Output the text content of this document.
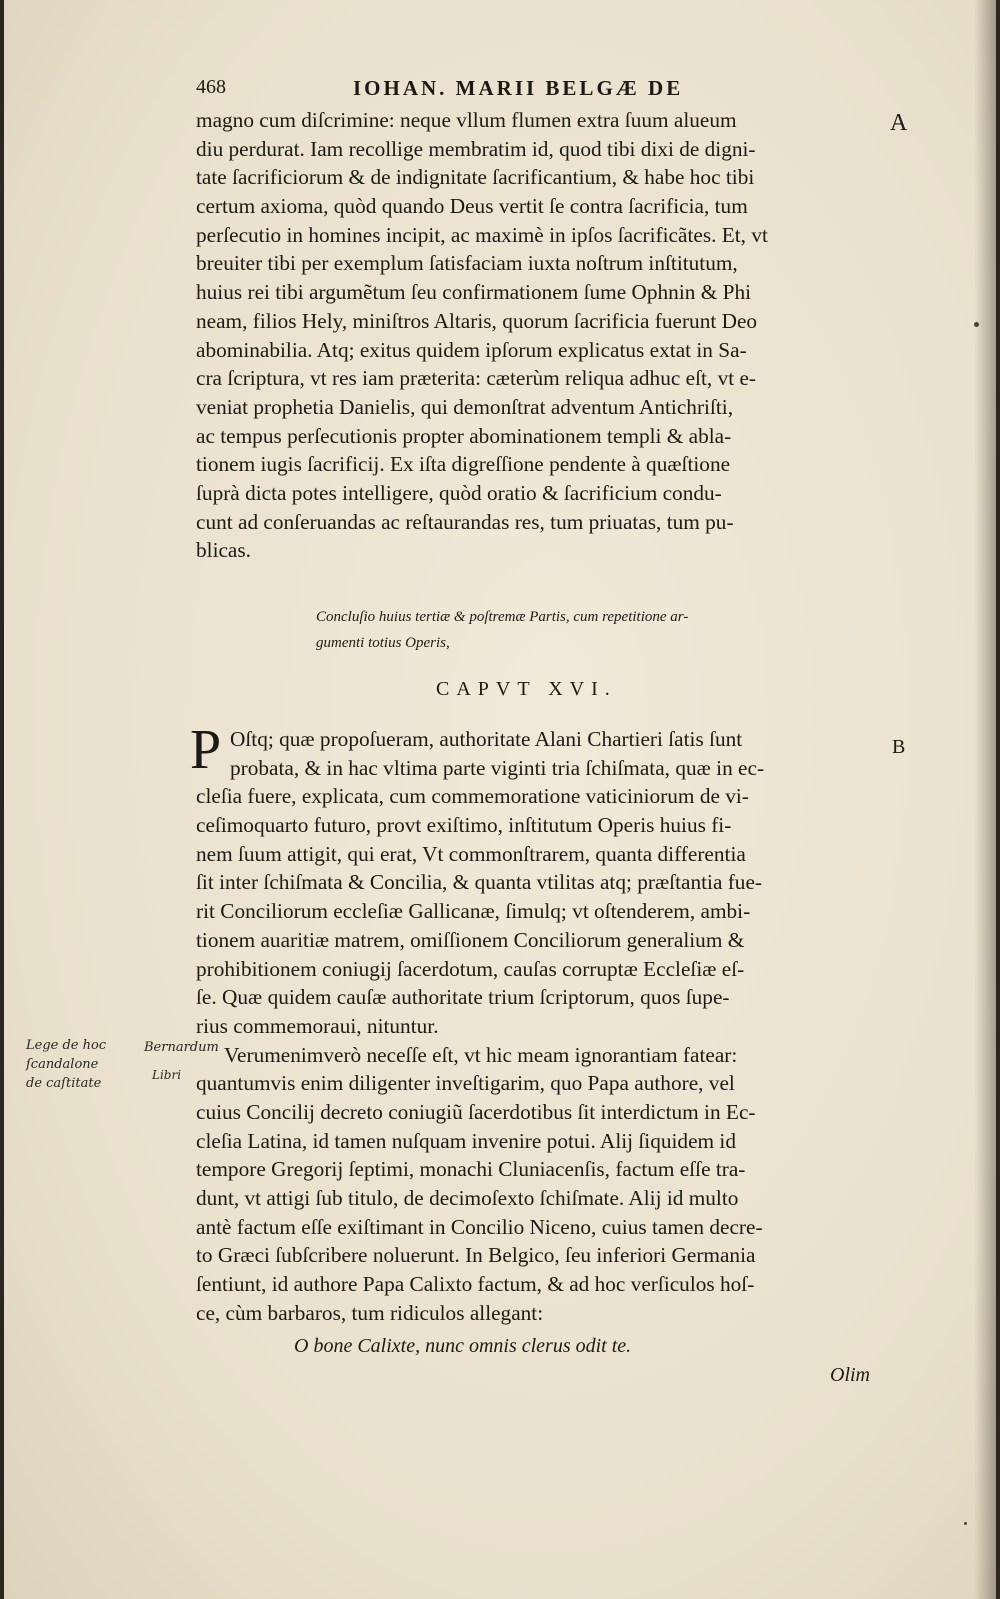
468	IOHAN. MARII BELGÆ DE
A
B
magno cum diſcrimine: neque vllum flumen extra ſuum alueum
diu perdurat. Iam recollige membratim id, quod tibi dixi de digni-
tate ſacrificiorum & de indignitate ſacrificantium, & habe hoc tibi
certum axioma, quòd quando Deus vertit ſe contra ſacrificia, tum
perſecutio in homines incipit, ac maximè in ipſos ſacrificãtes. Et, vt
breuiter tibi per exemplum ſatisfaciam iuxta noſtrum inſtitutum,
huius rei tibi argumẽtum ſeu confirmationem ſume Ophnin & Phi
neam, filios Hely, miniſtros Altaris, quorum ſacrificia fuerunt Deo
abominabilia. Atq; exitus quidem ipſorum explicatus extat in Sa-
cra ſcriptura, vt res iam præterita: cæterùm reliqua adhuc eſt, vt e-
veniat prophetia Danielis, qui demonſtrat adventum Antichriſti,
ac tempus perſecutionis propter abominationem templi & abla-
tionem iugis ſacrificij. Ex iſta digreſſione pendente à quæſtione
ſuprà dicta potes intelligere, quòd oratio & ſacrificium condu-
cunt ad conſeruandas ac reſtaurandas res, tum priuatas, tum pu-
blicas.
Concluſio huius tertiæ & poſtremæ Partis, cum repetitione ar-
gumenti totius Operis,
CAPVT XVI.
P Oſtq; quæ propoſueram, authoritate Alani Chartieri ſatis ſunt
probata, & in hac vltima parte viginti tria ſchiſmata, quæ in ec-
cleſia fuere, explicata, cum commemoratione vaticiniorum de vi-
ceſimoquarto futuro, provt exiſtimo, inſtitutum Operis huius fi-
nem ſuum attigit, qui erat, Vt commonſtrarem, quanta differentia
ſit inter ſchiſmata & Concilia, & quanta vtilitas atq; præſtantia fue-
rit Conciliorum eccleſiæ Gallicanæ, ſimulq; vt oſtenderem, ambi-
tionem auaritiæ matrem, omiſſionem Conciliorum generalium &
prohibitionem coniugij ſacerdotum, cauſas corruptæ Eccleſiæ eſ-
ſe. Quæ quidem cauſæ authoritate trium ſcriptorum, quos ſupe-
rius commemoraui, nituntur.
Verumenimverò neceſſe eſt, vt hic meam ignorantiam fatear:
quantumvis enim diligenter inveſtigarim, quo Papa authore, vel
cuius Concilij decreto coniugiũ ſacerdotibus ſit interdictum in Ec-
cleſia Latina, id tamen nuſquam invenire potui. Alij ſiquidem id
tempore Gregorij ſeptimi, monachi Cluniacenſis, factum eſſe tra-
dunt, vt attigi ſub titulo, de decimoſexto ſchiſmate. Alij id multo
antè factum eſſe exiſtimant in Concilio Niceno, cuius tamen decre-
to Græci ſubſcribere noluerunt. In Belgico, ſeu inferiori Germania
ſentiunt, id authore Papa Calixto factum, & ad hoc verſiculos hoſ-
ce, cùm barbaros, tum ridiculos allegant:
O bone Calixte, nunc omnis clerus odit te.
Olim
Lege de hoc
ſcandalone
de caſtitate
Bernardum
Libri
